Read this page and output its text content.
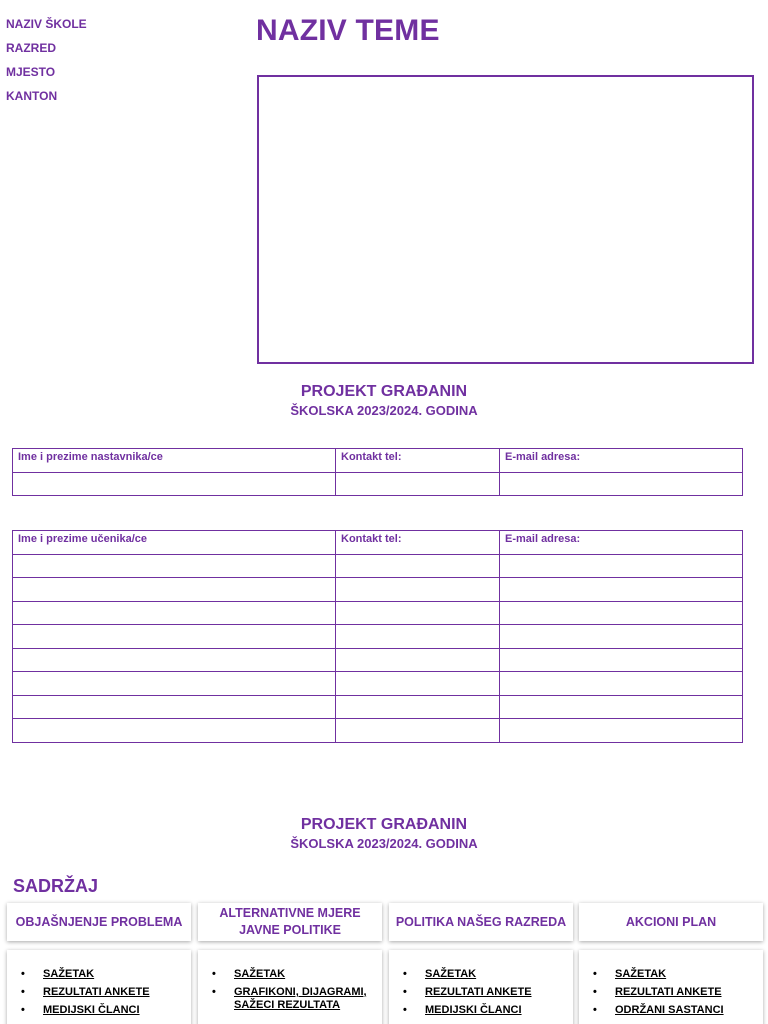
NAZIV ŠKOLE
RAZRED
MJESTO
KANTON
NAZIV TEME
PROJEKT GRAĐANIN
ŠKOLSKA 2023/2024. GODINA
Ime i prezime nastavnika/ce	Kontakt tel:	E-mail adresa:

Ime i prezime učenika/ce	Kontakt tel:	E-mail adresa:

PROJEKT GRAĐANIN
ŠKOLSKA 2023/2024. GODINA
SADRŽAJ
OBJAŠNJENJE PROBLEMA
ALTERNATIVNE MJERE JAVNE POLITIKE
POLITIKA NAŠEG RAZREDA	AKCIONI PLAN
• SAŽETAK
• REZULTATI ANKETE
• MEDIJSKI ČLANCI
• SAŽETAK
• GRAFIKONI, DIJAGRAMI, SAŽECI REZULTATA
• SAŽETAK
• REZULTATI ANKETE
• MEDIJSKI ČLANCI
• SAŽETAK
• REZULTATI ANKETE
• ODRŽANI SASTANCI
